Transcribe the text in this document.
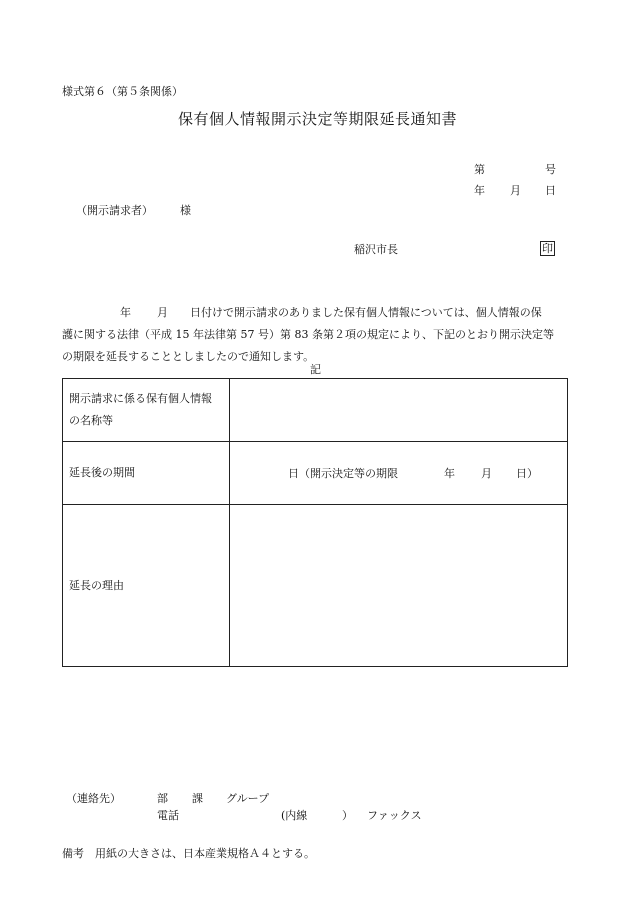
様式第６（第５条関係）
保有個人情報開示決定等期限延長通知書
第	号
年 月 日
（開示請求者） 様
稲沢市長	印
年 月 日付けで開示請求のありました保有個人情報については、個人情報の保
護に関する法律（平成 15 年法律第 57 号）第 83 条第２項の規定により、下記のとおり開示決定等
の期限を延長することとしましたので通知します。
記
開示請求に係る保有個人情報
の名称等	

延長後の期間	日（開示決定等の期限 年 月 日）
延長の理由	
（連絡先）	部 課 グループ
電話	(内線	） ファックス
備考　用紙の大きさは、日本産業規格Ａ４とする。
